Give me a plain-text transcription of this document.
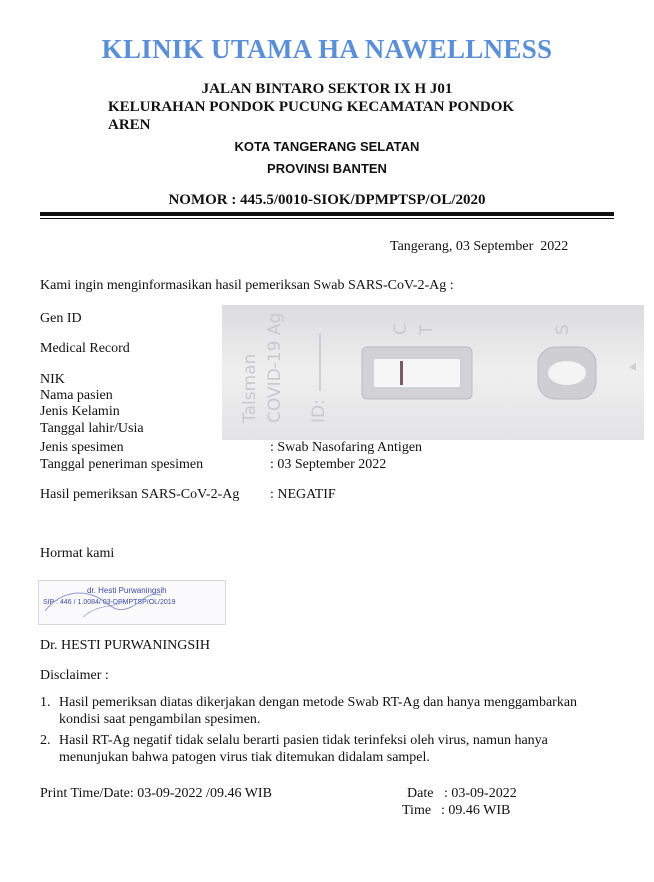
KLINIK UTAMA HA NAWELLNESS
JALAN BINTARO SEKTOR IX H J01
KELURAHAN PONDOK PUCUNG KECAMATAN PONDOK
AREN
KOTA TANGERANG SELATAN
PROVINSI BANTEN
NOMOR : 445.5/0010-SIOK/DPMPTSP/OL/2020
Tangerang, 03 September  2022
Kami ingin menginformasikan hasil pemeriksan Swab SARS-CoV-2-Ag :
Gen ID
Medical Record
NIK
Nama pasien
Jenis Kelamin
Tanggal lahir/Usia
Jenis spesimen	: Swab Nasofaring Antigen
Tanggal peneriman spesimen	: 03 September 2022
Hasil pemeriksan SARS-CoV-2-Ag : NEGATIF
Talsman COVID-19 Ag ID:
C T	S
Hormat kami
dr. Hesti Purwaningsih
SIP : 446 / 1.0084/ 03-DPMPTSP/OL/2019
Dr. HESTI PURWANINGSIH
Disclaimer :
1. Hasil pemeriksan diatas dikerjakan dengan metode Swab RT-Ag dan hanya menggambarkan kondisi saat pengambilan spesimen.
2. Hasil RT-Ag negatif tidak selalu berarti pasien tidak terinfeksi oleh virus, namun hanya menunjukan bahwa patogen virus tiak ditemukan didalam sampel.
Print Time/Date: 03-09-2022 /09.46 WIB	Date : 03-09-2022
Time : 09.46 WIB
